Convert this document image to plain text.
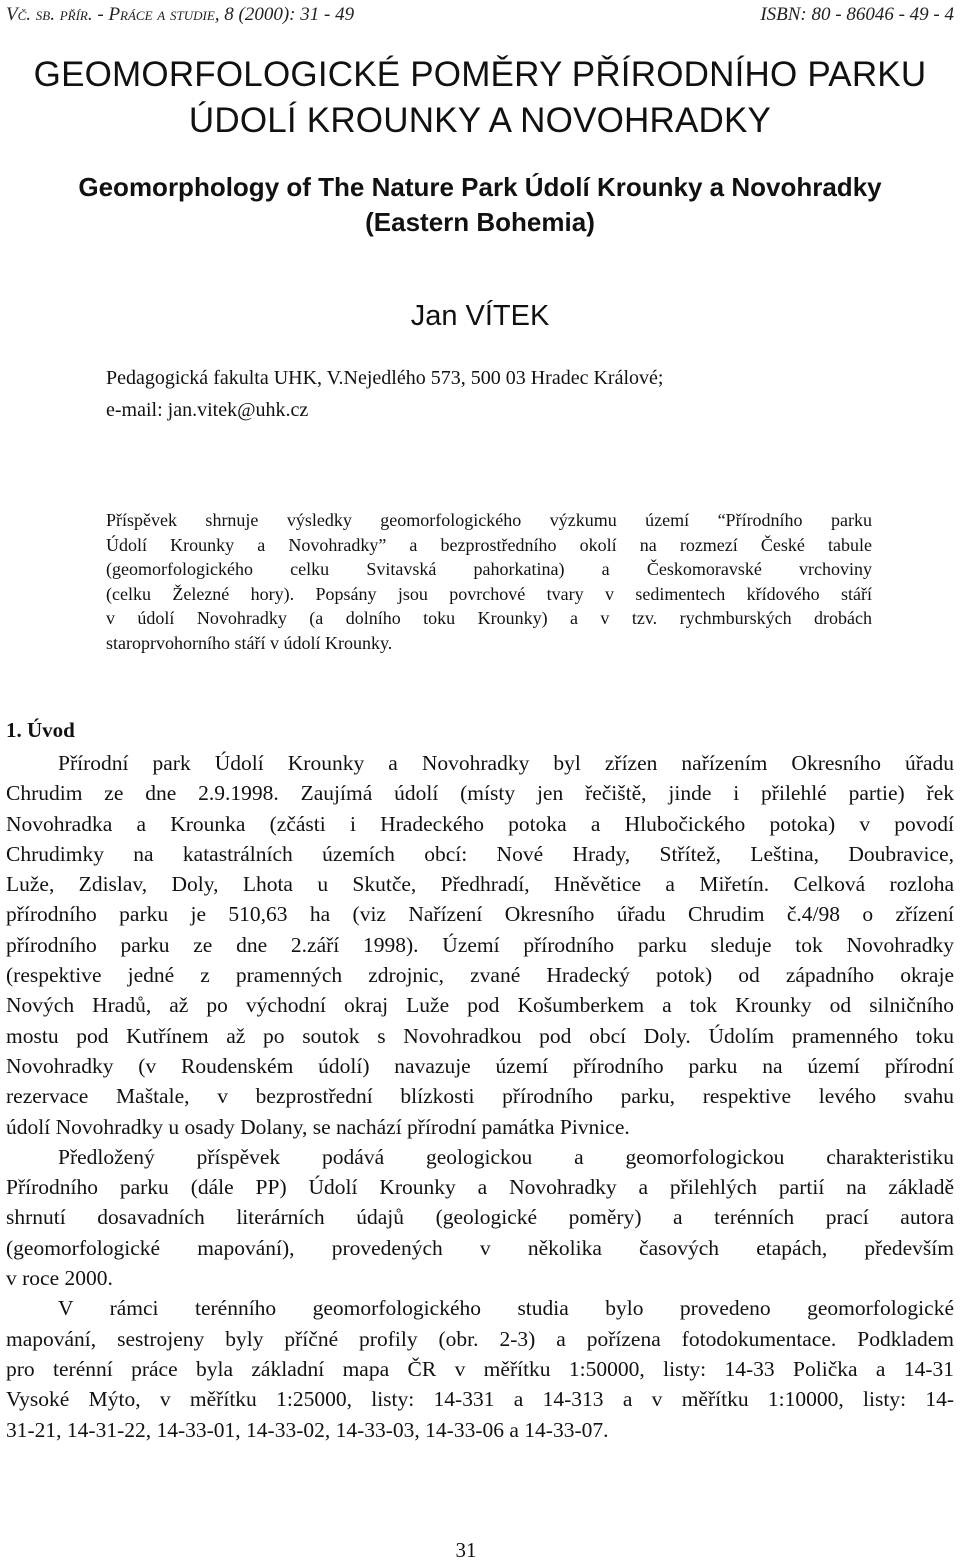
Vč. sb. přír. - Práce a studie, 8 (2000): 31 - 49	ISBN: 80 - 86046 - 49 - 4
GEOMORFOLOGICKÉ POMĚRY PŘÍRODNÍHO PARKU
ÚDOLÍ KROUNKY A NOVOHRADKY
Geomorphology of The Nature Park Údolí Krounky a Novohradky
(Eastern Bohemia)
Jan VÍTEK
Pedagogická fakulta UHK, V.Nejedlého 573, 500 03 Hradec Králové;
e-mail: jan.vitek@uhk.cz
Příspěvek shrnuje výsledky geomorfologického výzkumu území “Přírodního parku
Údolí Krounky a Novohradky” a bezprostředního okolí na rozmezí České tabule
(geomorfologického celku Svitavská pahorkatina) a Českomoravské vrchoviny
(celku Železné hory). Popsány jsou povrchové tvary v sedimentech křídového stáří
v údolí Novohradky (a dolního toku Krounky) a v tzv. rychmburských drobách
staroprvohorního stáří v údolí Krounky.
1. Úvod
Přírodní park Údolí Krounky a Novohradky byl zřízen nařízením Okresního úřadu
Chrudim ze dne 2.9.1998. Zaujímá údolí (místy jen řečiště, jinde i přilehlé partie) řek
Novohradka a Krounka (zčásti i Hradeckého potoka a Hlubočického potoka) v povodí
Chrudimky na katastrálních územích obcí: Nové Hrady, Střítež, Leština, Doubravice,
Luže, Zdislav, Doly, Lhota u Skutče, Předhradí, Hněvětice a Miřetín. Celková rozloha
přírodního parku je 510,63 ha (viz Nařízení Okresního úřadu Chrudim č.4/98 o zřízení
přírodního parku ze dne 2.září 1998). Území přírodního parku sleduje tok Novohradky
(respektive jedné z pramenných zdrojnic, zvané Hradecký potok) od západního okraje
Nových Hradů, až po východní okraj Luže pod Košumberkem a tok Krounky od silničního
mostu pod Kutřínem až po soutok s Novohradkou pod obcí Doly. Údolím pramenného toku
Novohradky (v Roudenském údolí) navazuje území přírodního parku na území přírodní
rezervace Maštale, v bezprostřední blízkosti přírodního parku, respektive levého svahu
údolí Novohradky u osady Dolany, se nachází přírodní památka Pivnice.
Předložený příspěvek podává geologickou a geomorfologickou charakteristiku
Přírodního parku (dále PP) Údolí Krounky a Novohradky a přilehlých partií na základě
shrnutí dosavadních literárních údajů (geologické poměry) a terénních prací autora
(geomorfologické mapování), provedených v několika časových etapách, především
v roce 2000.
V rámci terénního geomorfologického studia bylo provedeno geomorfologické
mapování, sestrojeny byly příčné profily (obr. 2-3) a pořízena fotodokumentace. Podkladem
pro terénní práce byla základní mapa ČR v měřítku 1:50000, listy: 14-33 Polička a 14-31
Vysoké Mýto, v měřítku 1:25000, listy: 14-331 a 14-313 a v měřítku 1:10000, listy: 14-
31-21, 14-31-22, 14-33-01, 14-33-02, 14-33-03, 14-33-06 a 14-33-07.
31
